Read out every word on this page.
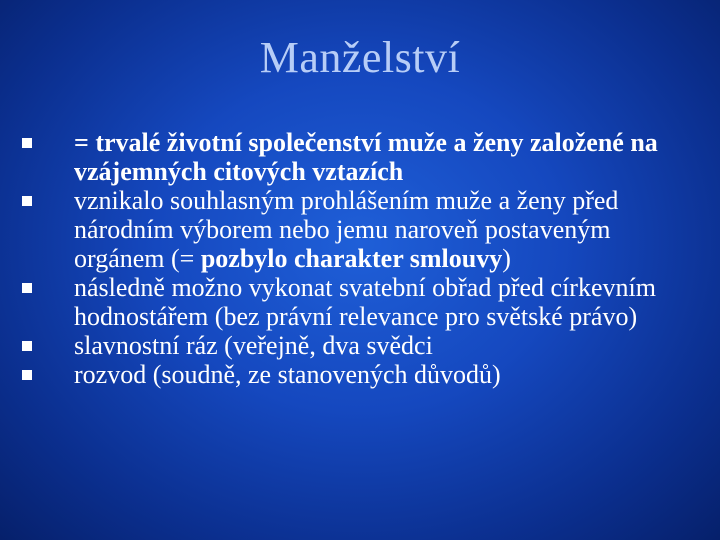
Manželství
= trvalé životní společenství muže a ženy založené na vzájemných citových vztazích
vznikalo souhlasným prohlášením muže a ženy před národním výborem nebo jemu naroveň postaveným orgánem (= pozbylo charakter smlouvy)
následně možno vykonat svatební obřad před církevním hodnostářem (bez právní relevance pro světské právo)
slavnostní ráz (veřejně, dva svědci
rozvod (soudně, ze stanovených důvodů)
